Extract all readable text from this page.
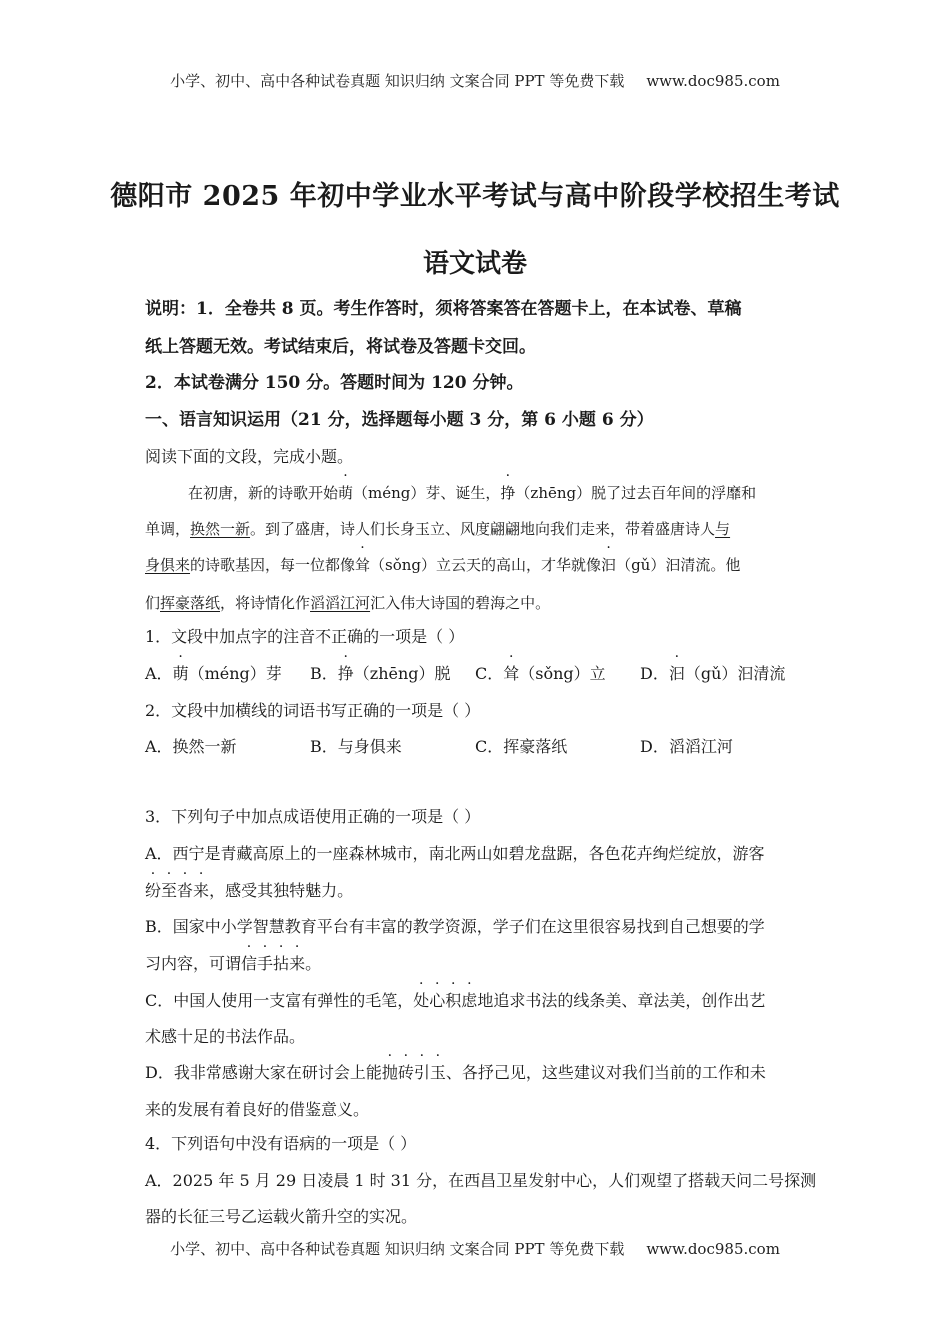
小学、初中、高中各种试卷真题 知识归纳 文案合同 PPT 等免费下载 www.doc985.com
德阳市 2025 年初中学业水平考试与高中阶段学校招生考试
语文试卷
说明：1．全卷共 8 页。考生作答时，须将答案答在答题卡上，在本试卷、草稿
纸上答题无效。考试结束后，将试卷及答题卡交回。
2．本试卷满分 150 分。答题时间为 120 分钟。
一、语言知识运用（21 分，选择题每小题 3 分，第 6 小题 6 分）
阅读下面的文段，完成小题。
在初唐，新的诗歌开始萌（méng）芽、诞生，挣（zhēng）脱了过去百年间的浮靡和
单调，换然一新。到了盛唐，诗人们长身玉立、风度翩翩地向我们走来，带着盛唐诗人与
身俱来的诗歌基因，每一位都像耸（sǒng）立云天的高山，才华就像汩（gǔ）汩清流。他
们挥豪落纸，将诗情化作滔滔江河汇入伟大诗国的碧海之中。
1．文段中加点字的注音不正确的一项是（ ）
A．萌（méng）芽 B．挣（zhēng）脱 C．耸（sǒng）立 D．汩（gǔ）汩清流
2．文段中加横线的词语书写正确的一项是（ ）
A．换然一新	B．与身俱来	C．挥豪落纸	D．滔滔江河
3．下列句子中加点成语使用正确的一项是（ ）
A．西宁是青藏高原上的一座森林城市，南北两山如碧龙盘踞，各色花卉绚烂绽放，游客
纷至沓来，感受其独特魅力。
B．国家中小学智慧教育平台有丰富的教学资源，学子们在这里很容易找到自己想要的学
习内容，可谓信手拈来。
C．中国人使用一支富有弹性的毛笔，处心积虑地追求书法的线条美、章法美，创作出艺
术感十足的书法作品。
D．我非常感谢大家在研讨会上能抛砖引玉、各抒己见，这些建议对我们当前的工作和未
来的发展有着良好的借鉴意义。
4．下列语句中没有语病的一项是（ ）
A．2025 年 5 月 29 日凌晨 1 时 31 分，在西昌卫星发射中心，人们观望了搭载天问二号探测
器的长征三号乙运载火箭升空的实况。
小学、初中、高中各种试卷真题 知识归纳 文案合同 PPT 等免费下载 www.doc985.com
